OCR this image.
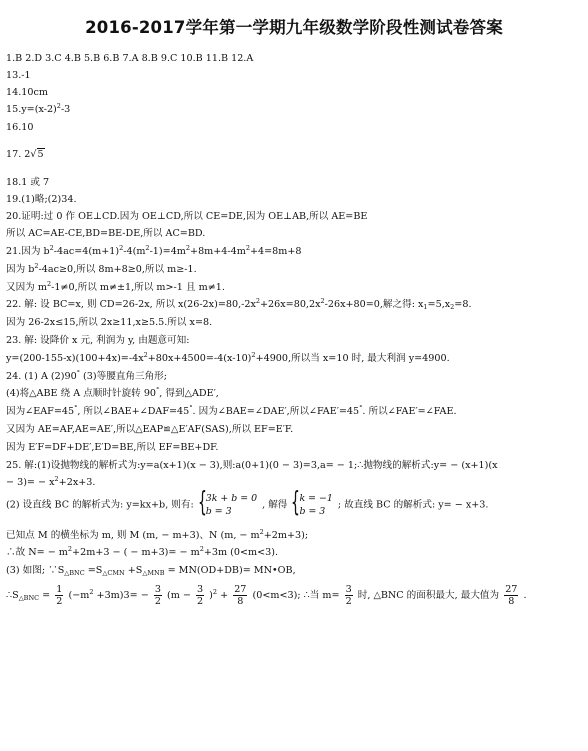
2016-2017学年第一学期九年级数学阶段性测试卷答案
1.B 2.D 3.C 4.B 5.B 6.B 7.A 8.B 9.C 10.B 11.B 12.A
13.-1
14.10cm
$15.y=(x-2)^2-3$
16.10
17. 2√5
18.1 或 7
19.(1)略;(2)34.
20.证明:过 0 作 OE⊥CD.因为 OE⊥CD,所以 CE=DE,因为 OE⊥AB,所以 AE=BE
所以 AC=AE-CE,BD=BE-DE,所以 AC=BD.
21.因为 $b^2-4ac=4(m+1)^2-4(m^2-1)=4m^2+8m+4-4m^2+4=8m+8$
因为 $b^2-4ac\ge 0$,所以 8m+8≥0,所以 m≥-1.
又因为 $m^2-1\ne 0$,所以 m≠±1,所以 m>-1 且 m≠1.
22. 解: 设 BC=x, 则 CD=26-2x, 所以 $x(26-2x)=80,-2x^2+26x=80,2x^2-26x+80=0$,解之得: $x_1=5,x_2=8$.
因为 26-2x≤15,所以 2x≥11,x≥5.5.所以 x=8.
23. 解: 设降价 x 元, 利润为 y, 由题意可知:
$y=(200-155-x)(100+4x)=-4x^2+80x+4500=-4(x-10)^2+4900$,所以当 x=10 时, 最大利润 y=4900.
24. (1) A (2)90° (3)等腰直角三角形;
(4)将△ABE 绕 A 点顺时针旋转 90°, 得到△ADE′,
因为∠EAF=45°, 所以∠BAE+∠DAF=45°. 因为∠BAE=∠DAE′,所以∠FAE′=45°. 所以∠FAE′=∠FAE.
又因为 AE=AF,AE=AE′,所以△EAP≌△E′AF(SAS),所以 EF=E′F.
因为 E′F=DF+DE′,E′D=BE,所以 EF=BE+DF.
25. 解:(1)设抛物线的解析式为:y=a(x+1)(x − 3),则:a(0+1)(0 − 3)=3,a= − 1;∴抛物线的解析式:y= − (x+1)(x
− $3)= - x^2+2x+3$.
(2) 设直线 BC 的解析式为: y=kx+b, 则有:
{ 3k + b = 0
b = 3
, 解得
{ k = −1
b = 3
; 故直线 BC 的解析式: y= − x+3.
已知点 M 的横坐标为 m, 则 M (m, − m+3)、N (m, − $m^2+2m+3$);
∴故 $N= - m^2+2m+3$ − ( − $m+3)= - m^2+3m$ (0<m<3).
(3) 如图; $\because S_{\triangle BNC} =S_{\triangle CMN} +S_{\triangle MNB} = MN(OD+DB)=$ MN•OB,
$\therefore S_{\triangle BNC} = \frac{1}{2} (-m^2 +3m)3= - \frac{3}{2} (m - \frac{3}{2} )^2 + \frac{27}{8} (0<m<3)$; ∴当 $m= \frac{3}{2}$ 时, △BNC 的面积最大, 最大值为 $\frac{27}{8}$ .
